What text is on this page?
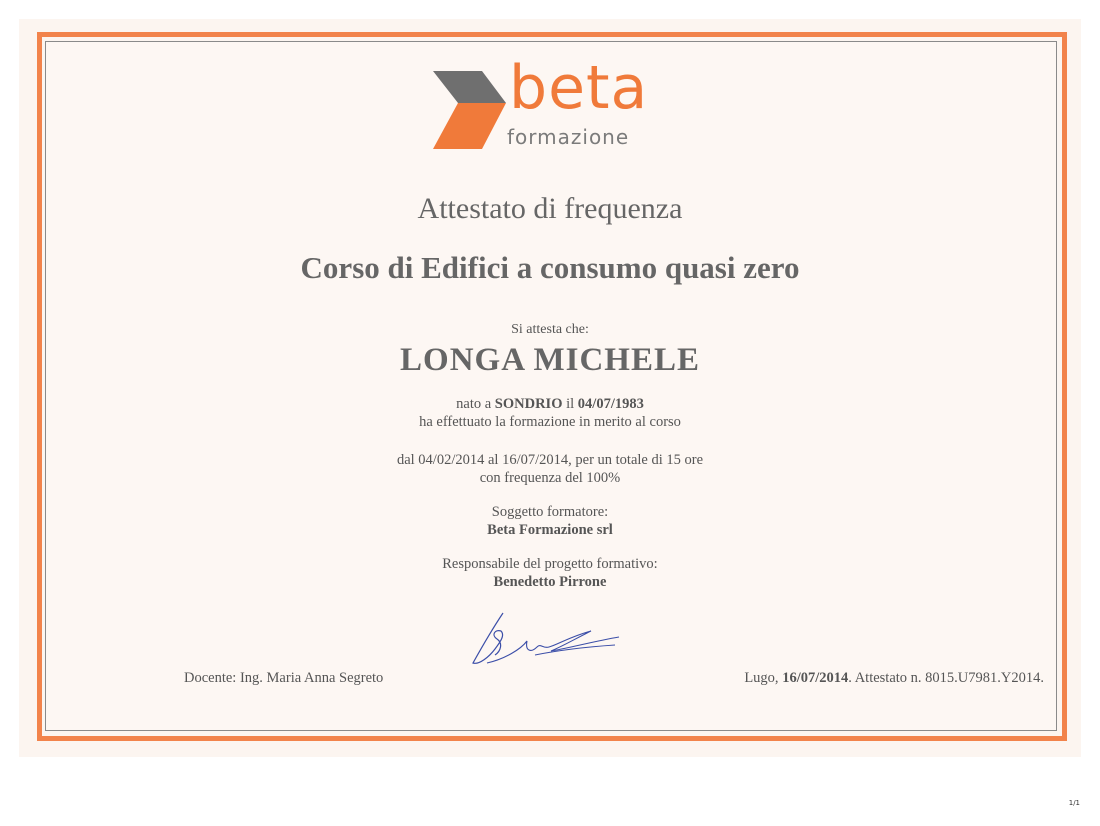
beta
formazione
Attestato di frequenza
Corso di Edifici a consumo quasi zero
Si attesta che:
LONGA MICHELE
nato a SONDRIO il 04/07/1983
ha effettuato la formazione in merito al corso
dal 04/02/2014 al 16/07/2014, per un totale di 15 ore
con frequenza del 100%
Soggetto formatore:
Beta Formazione srl
Responsabile del progetto formativo:
Benedetto Pirrone
Docente: Ing. Maria Anna Segreto	Lugo, 16/07/2014. Attestato n. 8015.U7981.Y2014.
1/1
